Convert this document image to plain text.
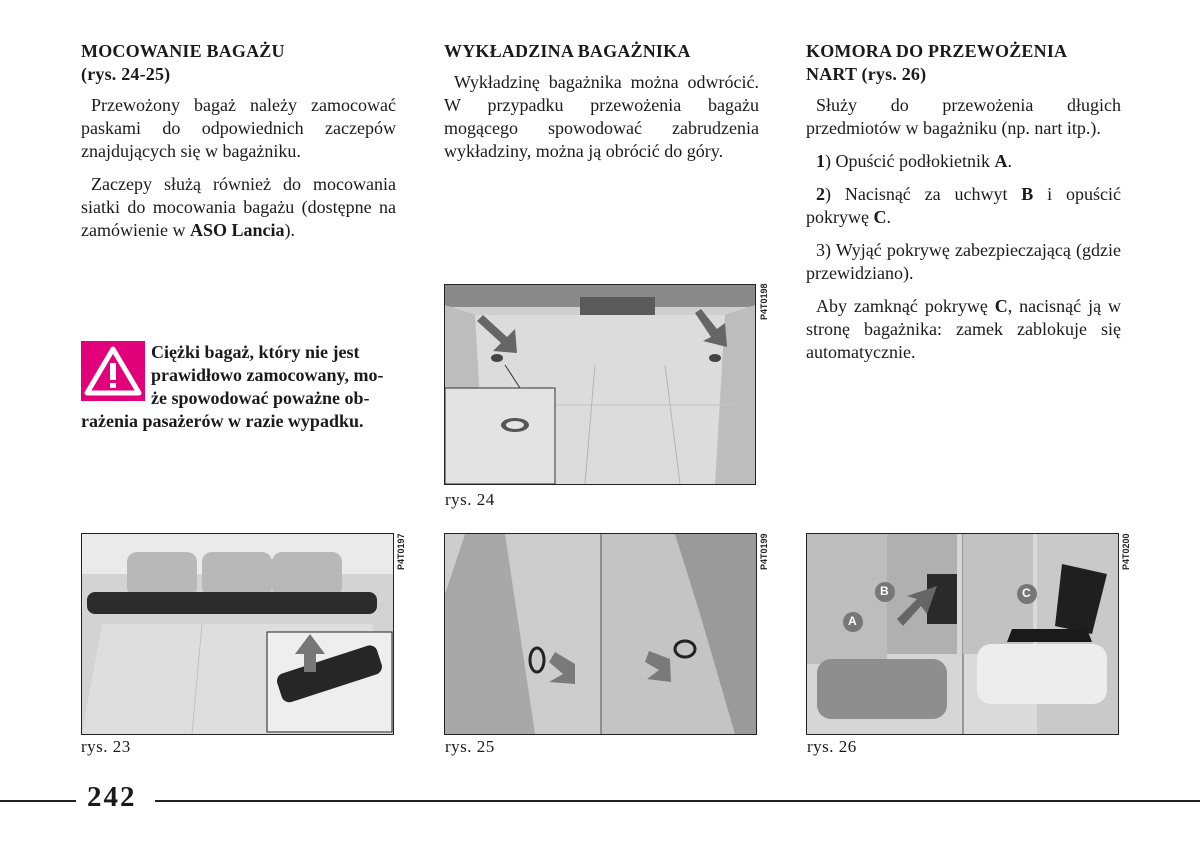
MOCOWANIE BAGAŻU
(rys. 24-25)

Przewożony bagaż należy zamocować paskami do odpowiednich zaczepów znajdujących się w bagażniku.

Zaczepy służą również do mocowania siatki do mocowania bagażu (dostępne na zamówienie w ASO Lancia).

Ciężki bagaż, który nie jest
prawidłowo zamocowany, mo-
że spowodować poważne ob-
rażenia pasażerów w razie wypadku.
WYKŁADZINA BAGAŻNIKA

Wykładzinę bagażnika można odwrócić. W przypadku przewożenia bagażu mogącego spowodować zabrudzenia wykładziny, można ją obrócić do góry.

KOMORA DO PRZEWOŻENIA
NART (rys. 26)

Służy do przewożenia długich przedmiotów w bagażniku (np. nart itp.).

1) Opuścić podłokietnik A.

2) Nacisnąć za uchwyt B i opuścić pokrywę C.

3) Wyjąć pokrywę zabezpieczającą (gdzie przewidziano).

Aby zamknąć pokrywę C, nacisnąć ją w stronę bagażnika: zamek zablokuje się automatycznie.

P4T0198
rys. 24
P4T0197
rys. 23
P4T0199
rys. 25
A
B	C
P4T0200
rys. 26
242
